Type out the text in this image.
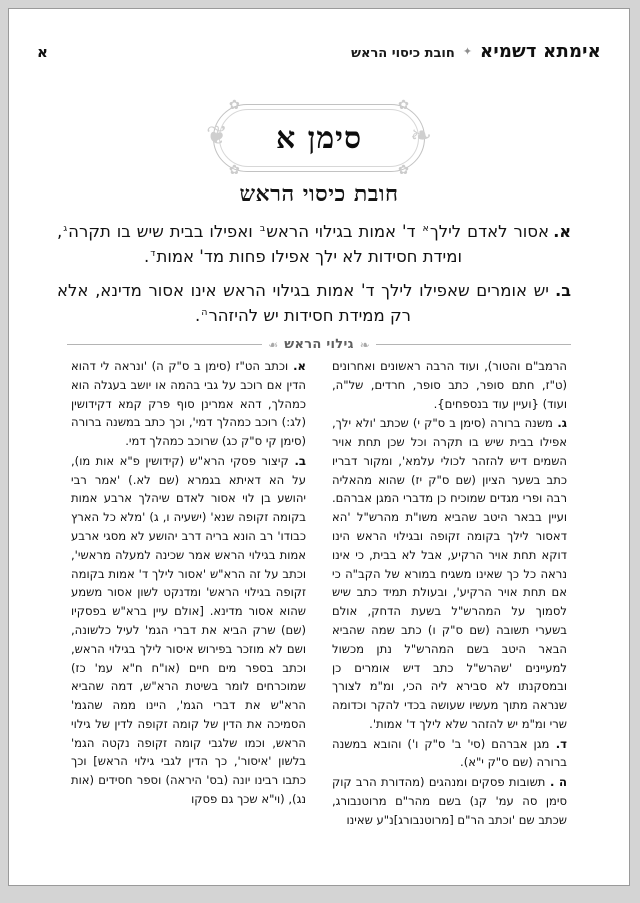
אימתא דשמיא
✦
חובת כיסוי הראש
א
❧
❦
✿
✿
✿
✿
סימן א
חובת כיסוי הראש
א.
אסור לאדם לילך$^א$ ד' אמות בגילוי הראש$^ב$ ואפילו בבית שיש בו תקרה$^ג$, ומידת חסידות לא ילך אפילו פחות מד' אמות$^ד$.
ב.
יש אומרים שאפילו לילך ד' אמות בגילוי הראש אינו אסור מדינא, אלא רק ממידת חסידות יש להיזהר$^ה$.
❧
גילוי הראש
❧

הרמב"ם והטור), ועוד הרבה ראשונים ואחרונים (ט"ז, חתם סופר, כתב סופר, חרדים, של"ה, ועוד) {ועיין עוד בנספחים}.

ג. משנה ברורה (סימן ב ס"ק י) שכתב 'ולא ילך, אפילו בבית שיש בו תקרה וכל שכן תחת אויר השמים דיש להזהר לכולי עלמא', ומקור דבריו כתב בשער הציון (שם ס"ק יז) שהוא מהאליה רבה ופרי מגדים שמוכיח כן מדברי המגן אברהם. ועיין בבאר היטב שהביא משו"ת מהרש"ל 'הא דאסור לילך בקומה זקופה ובגילוי הראש הינו דוקא תחת אויר הרקיע, אבל לא בבית, כי אינו נראה כל כך שאינו משגיח במורא של הקב"ה כי אם תחת אויר הרקיע', ובעולת תמיד כתב שיש לסמוך על המהרש"ל בשעת הדחק, אולם בשערי תשובה (שם ס"ק ו) כתב שמה שהביא הבאר היטב בשם המהרש"ל נתן מכשול למעיינים 'שהרש"ל כתב דיש אומרים כן ובמסקנתו לא סבירא ליה הכי, ומ"מ לצורך שנראה מתוך מעשיו שעושה בכדי להקר וכדומה שרי ומ"מ יש להזהר שלא לילך ד' אמות'.

ד. מגן אברהם (סי' ב' ס"ק ו') והובא במשנה ברורה (שם ס"ק י"א).

ה . תשובות פסקים ומנהגים (מהדורת הרב קוק סימן סה עמ' קנ) בשם מהר"ם מרוטנבורג, שכתב שם 'וכתב הר"ם [מרוטנבורג]נ"ע שאינו

א. וכתב הט"ז (סימן ב ס"ק ה) 'ונראה לי דהוא הדין אם רוכב על גבי בהמה או יושב בעגלה הוא כמהלך, דהא אמרינן סוף פרק קמא דקידושין (לג:) רוכב כמהלך דמי', וכך כתב במשנה ברורה (סימן קי ס"ק כג) שרוכב כמהלך דמי.

ב. קיצור פסקי הרא"ש (קידושין פ"א אות מו), על הא דאיתא בגמרא (שם לא.) 'אמר רבי יהושע בן לוי אסור לאדם שיהלך ארבע אמות בקומה זקופה שנא' (ישעיה ו, ג) 'מלא כל הארץ כבודו' רב הונא בריה דרב יהושע לא מסגי ארבע אמות בגילוי הראש אמר שכינה למעלה מראשי', וכתב על זה הרא"ש 'אסור לילך ד' אמות בקומה זקופה בגילוי הראש' ומדנקט לשון אסור משמע שהוא אסור מדינא. [אולם עיין ברא"ש בפסקיו (שם) שרק הביא את דברי הגמ' לעיל כלשונה, ושם לא מוזכר בפירוש איסור לילך בגילוי הראש, וכתב בספר מים חיים (או"ח ח"א עמ' כז) שמוכרחים לומר בשיטת הרא"ש, דמה שהביא הרא"ש את דברי הגמ', היינו ממה שהגמ' הסמיכה את הדין של קומה זקופה לדין של גילוי הראש, וכמו שלגבי קומה זקופה נקטה הגמ' בלשון 'איסור', כך הדין לגבי גילוי הראש] וכך כתבו רבינו יונה (בס' היראה) וספר חסידים (אות נג), (וי"א שכך גם פסקו
